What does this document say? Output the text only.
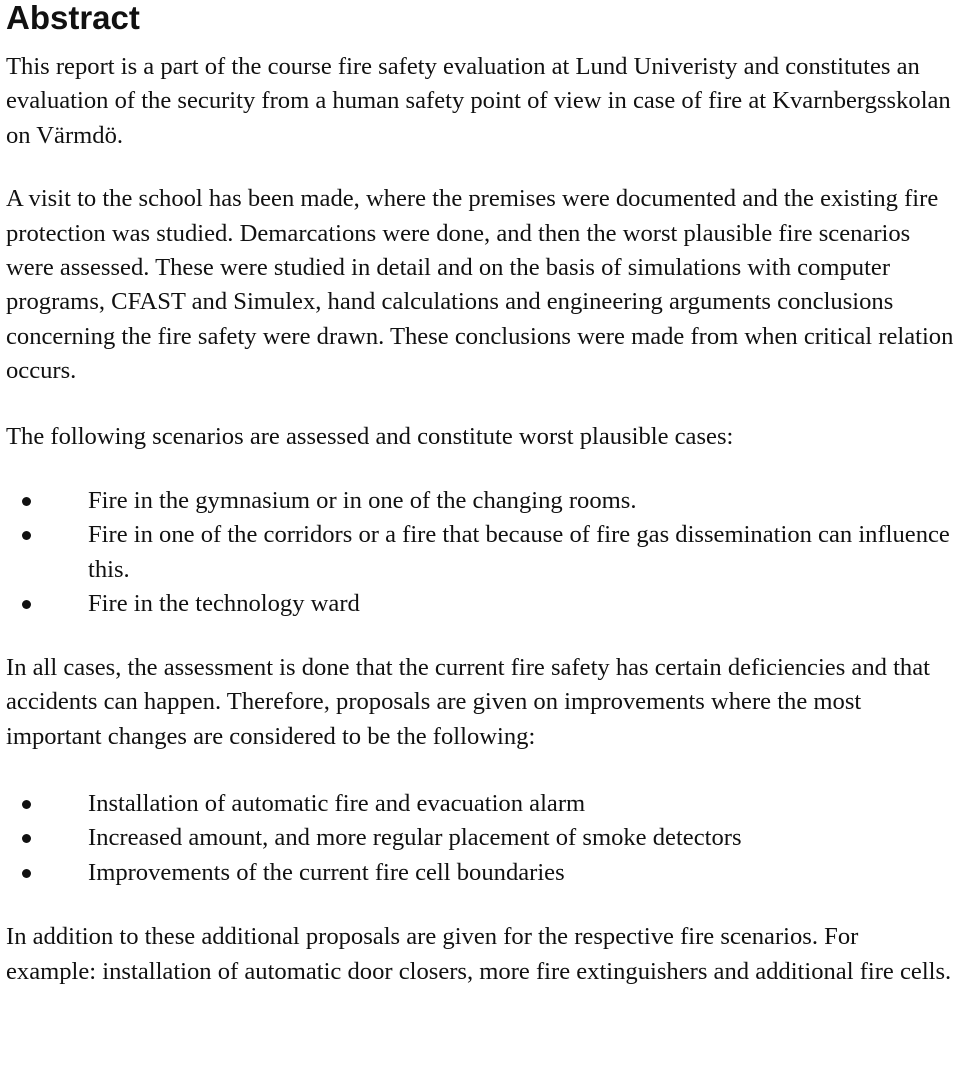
Abstract

This report is a part of the course fire safety evaluation at Lund Univeristy and constitutes an evaluation of the security from a human safety point of view in case of fire at Kvarnbergsskolan on Värmdö.

A visit to the school has been made, where the premises were documented and the existing fire protection was studied. Demarcations were done, and then the worst plausible fire scenarios were assessed. These were studied in detail and on the basis of simulations with computer programs, CFAST and Simulex, hand calculations and engineering arguments conclusions concerning the fire safety were drawn. These conclusions were made from when critical relation occurs.

The following scenarios are assessed and constitute worst plausible cases:

Fire in the gymnasium or in one of the changing rooms.
Fire in one of the corridors or a fire that because of fire gas dissemination can influence this.
Fire in the technology ward

In all cases, the assessment is done that the current fire safety has certain deficiencies and that accidents can happen. Therefore, proposals are given on improvements where the most important changes are considered to be the following:

Installation of automatic fire and evacuation alarm
Increased amount, and more regular placement of smoke detectors
Improvements of the current fire cell boundaries

In addition to these additional proposals are given for the respective fire scenarios. For example: installation of automatic door closers, more fire extinguishers and additional fire cells.
